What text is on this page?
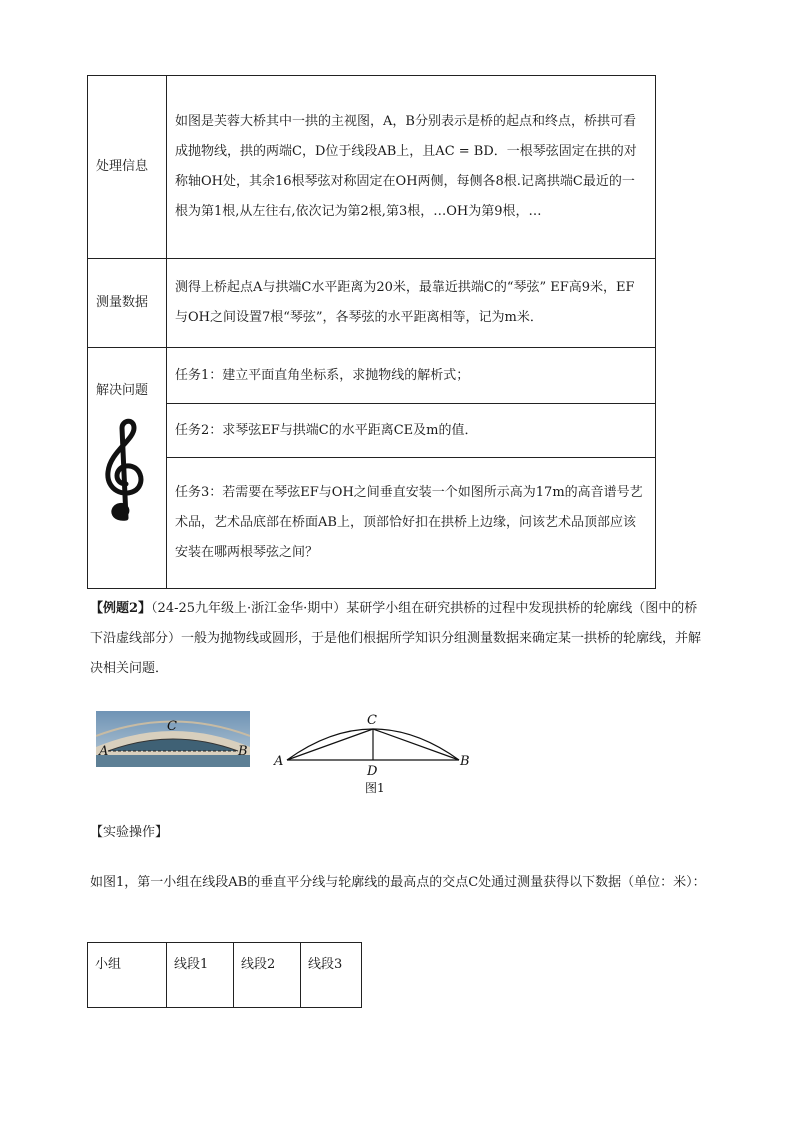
处理信息	如图是芙蓉大桥其中一拱的主视图，A，B分别表示是桥的起点和终点，桥拱可看成抛物线，拱的两端C，D位于线段AB上，且AC = BD．一根琴弦固定在拱的对称轴OH处，其余16根琴弦对称固定在OH两侧，每侧各8根.记离拱端C最近的一根为第1根,从左往右,依次记为第2根,第3根，…OH为第9根，…
测量数据	测得上桥起点A与拱端C水平距离为20米，最靠近拱端C的“琴弦” EF高9米，EF与OH之间设置7根“琴弦”，各琴弦的水平距离相等，记为m米．
解决问题	任务1：建立平面直角坐标系，求抛物线的解析式；
	任务2：求琴弦EF与拱端C的水平距离CE及m的值．
	任务3：若需要在琴弦EF与OH之间垂直安装一个如图所示高为17m的高音谱号艺术品，艺术品底部在桥面AB上，顶部恰好扣在拱桥上边缘，问该艺术品顶部应该安装在哪两根琴弦之间？
【例题2】（24-25九年级上·浙江金华·期中）某研学小组在研究拱桥的过程中发现拱桥的轮廓线（图中的桥下沿虚线部分）一般为抛物线或圆形，于是他们根据所学知识分组测量数据来确定某一拱桥的轮廓线，并解决相关问题．
C
A	B
C
A	B
D
图1
【实验操作】
如图1，第一小组在线段AB的垂直平分线与轮廓线的最高点的交点C处通过测量获得以下数据（单位：米）：
小组	线段1	线段2	线段3
